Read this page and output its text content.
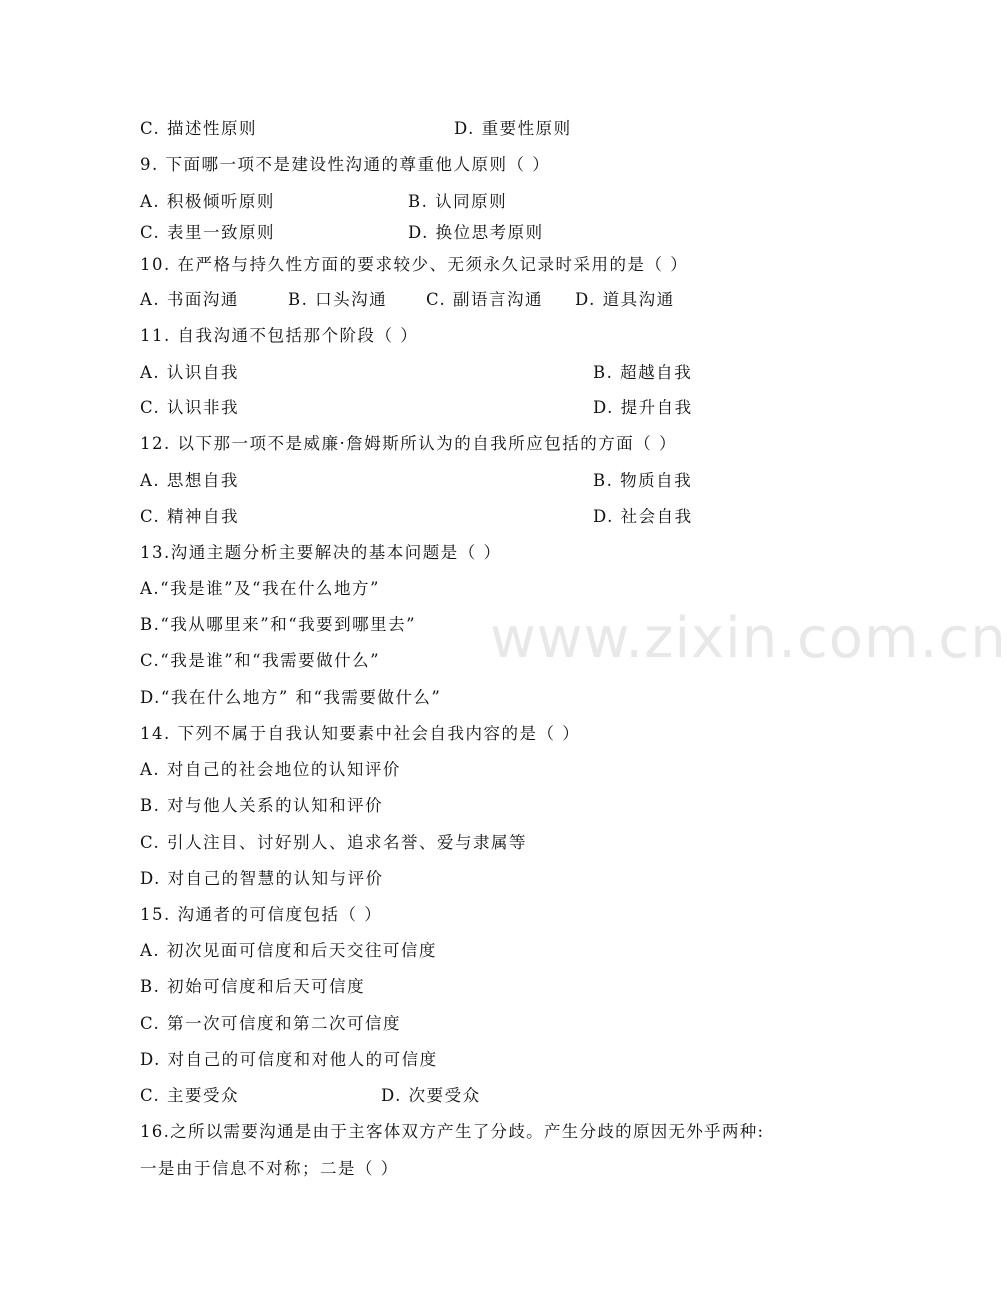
www.zixin.com.cn
C. 描述性原则	D. 重要性原则
9. 下面哪一项不是建设性沟通的尊重他人原则（ ）
A. 积极倾听原则	B. 认同原则
C. 表里一致原则	D. 换位思考原则
10. 在严格与持久性方面的要求较少、无须永久记录时采用的是（ ）
A. 书面沟通	B. 口头沟通 C. 副语言沟通 D. 道具沟通
11. 自我沟通不包括那个阶段（ ）
A. 认识自我	B. 超越自我
C. 认识非我	D. 提升自我
12. 以下那一项不是威廉·詹姆斯所认为的自我所应包括的方面（ ）
A. 思想自我	B. 物质自我
C. 精神自我	D. 社会自我
13.沟通主题分析主要解决的基本问题是（ ）
A.“我是谁”及“我在什么地方”
B.“我从哪里来”和“我要到哪里去”
C.“我是谁”和“我需要做什么”
D.“我在什么地方” 和“我需要做什么”
14. 下列不属于自我认知要素中社会自我内容的是（ ）
A. 对自己的社会地位的认知评价
B. 对与他人关系的认知和评价
C. 引人注目、讨好别人、追求名誉、爱与隶属等
D. 对自己的智慧的认知与评价
15. 沟通者的可信度包括（ ）
A. 初次见面可信度和后天交往可信度
B. 初始可信度和后天可信度
C. 第一次可信度和第二次可信度
D. 对自己的可信度和对他人的可信度
C. 主要受众	D. 次要受众
16.之所以需要沟通是由于主客体双方产生了分歧。产生分歧的原因无外乎两种:
一是由于信息不对称；二是（ ）
